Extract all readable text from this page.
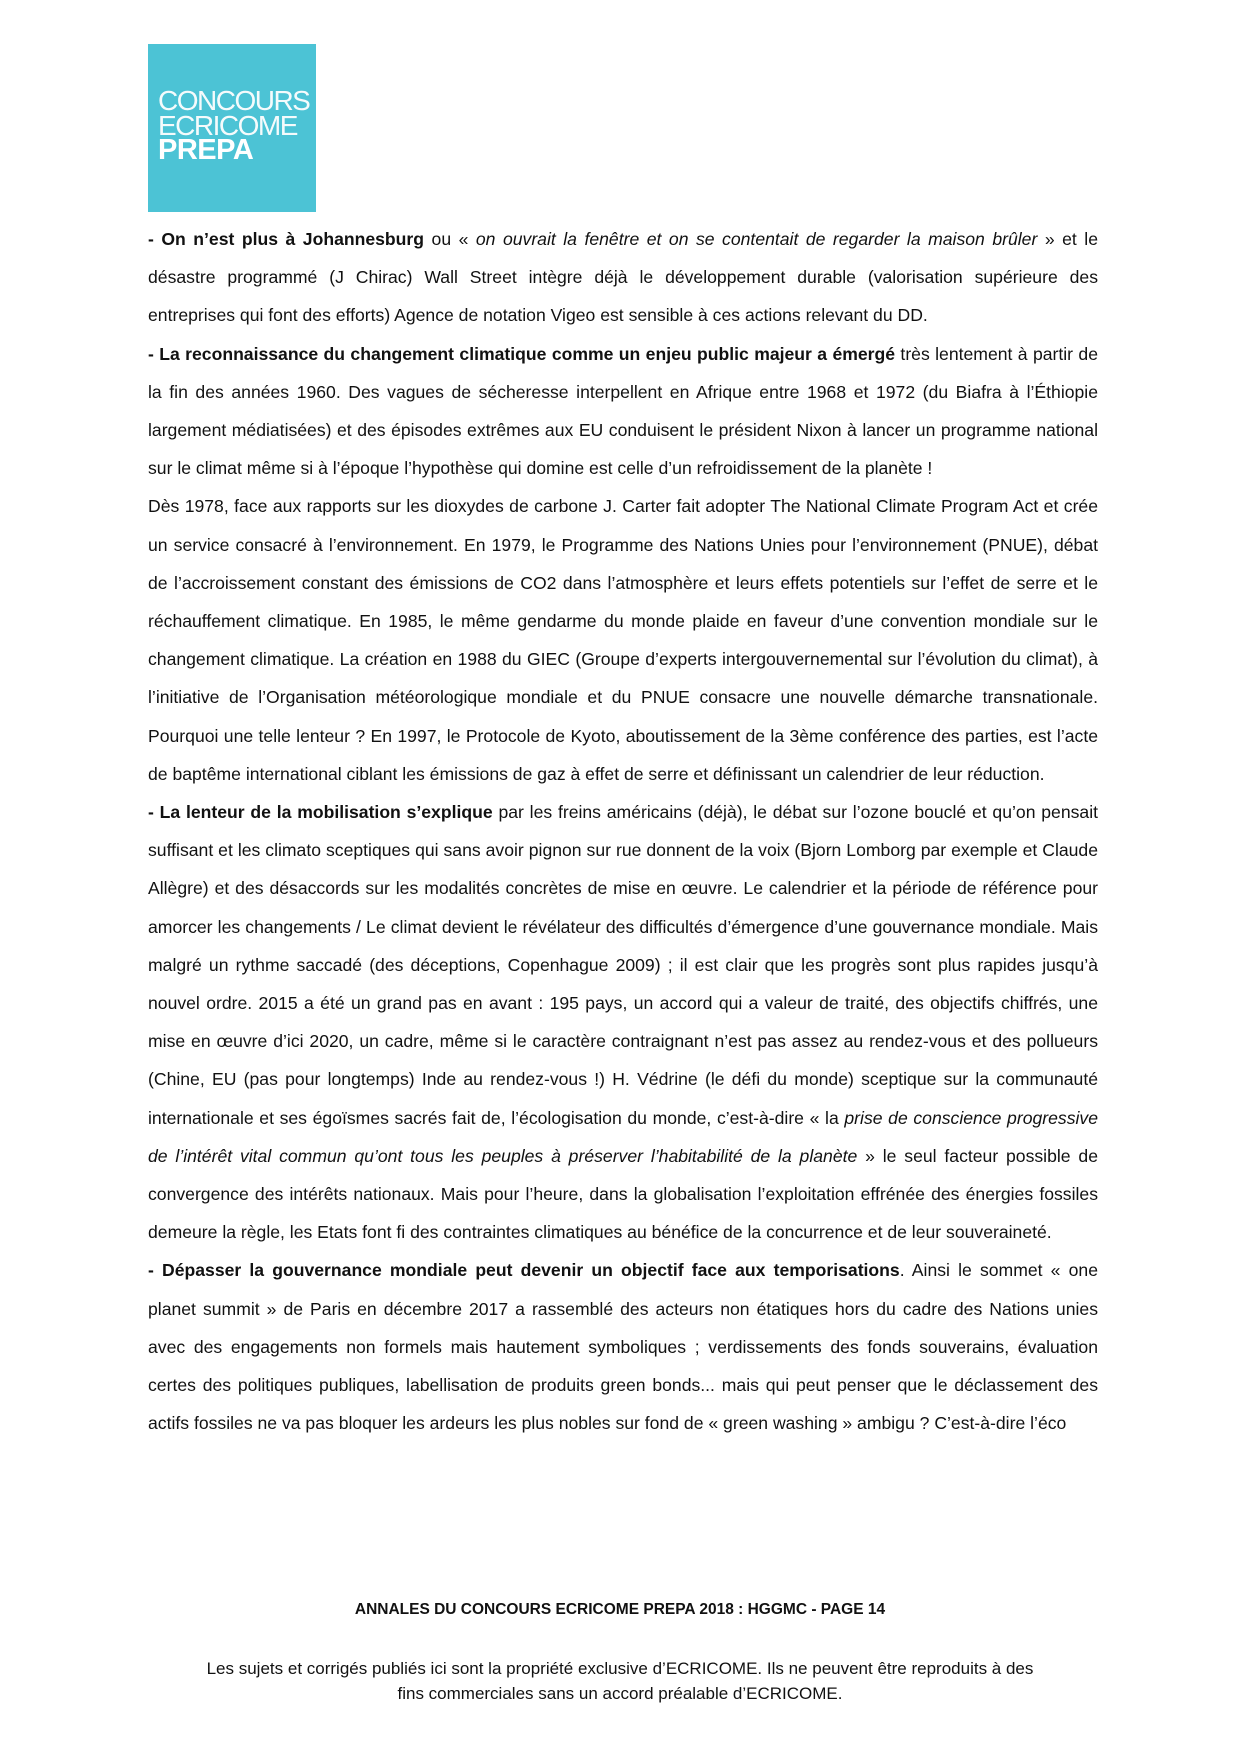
CONCOURS
ECRICOME
PREPA

- On n’est plus à Johannesburg ou « on ouvrait la fenêtre et on se contentait de regarder la maison brûler » et le désastre programmé (J Chirac) Wall Street intègre déjà le développement durable (valorisation supérieure des entreprises qui font des efforts) Agence de notation Vigeo est sensible à ces actions relevant du DD.

- La reconnaissance du changement climatique comme un enjeu public majeur a émergé très lentement à partir de la fin des années 1960. Des vagues de sécheresse interpellent en Afrique entre 1968 et 1972 (du Biafra à l’Éthiopie largement médiatisées) et des épisodes extrêmes aux EU conduisent le président Nixon à lancer un programme national sur le climat même si à l’époque l’hypothèse qui domine est celle d’un refroidissement de la planète !

Dès 1978, face aux rapports sur les dioxydes de carbone J. Carter fait adopter The National Climate Program Act et crée un service consacré à l’environnement. En 1979, le Programme des Nations Unies pour l’environnement (PNUE), débat de l’accroissement constant des émissions de CO2 dans l’atmosphère et leurs effets potentiels sur l’effet de serre et le réchauffement climatique. En 1985, le même gendarme du monde plaide en faveur d’une convention mondiale sur le changement climatique. La création en 1988 du GIEC (Groupe d’experts intergouvernemental sur l’évolution du climat), à l’initiative de l’Organisation météorologique mondiale et du PNUE consacre une nouvelle démarche transnationale. Pourquoi une telle lenteur ? En 1997, le Protocole de Kyoto, aboutissement de la 3ème conférence des parties, est l’acte de baptême international ciblant les émissions de gaz à effet de serre et définissant un calendrier de leur réduction.

- La lenteur de la mobilisation s’explique par les freins américains (déjà), le débat sur l’ozone bouclé et qu’on pensait suffisant et les climato sceptiques qui sans avoir pignon sur rue donnent de la voix (Bjorn Lomborg par exemple et Claude Allègre) et des désaccords sur les modalités concrètes de mise en œuvre. Le calendrier et la période de référence pour amorcer les changements / Le climat devient le révélateur des difficultés d’émergence d’une gouvernance mondiale. Mais malgré un rythme saccadé (des déceptions, Copenhague 2009) ; il est clair que les progrès sont plus rapides jusqu’à nouvel ordre. 2015 a été un grand pas en avant : 195 pays, un accord qui a valeur de traité, des objectifs chiffrés, une mise en œuvre d’ici 2020, un cadre, même si le caractère contraignant n’est pas assez au rendez-vous et des pollueurs (Chine, EU (pas pour longtemps) Inde au rendez-vous !) H. Védrine (le défi du monde) sceptique sur la communauté internationale et ses égoïsmes sacrés fait de, l’écologisation du monde, c’est-à-dire « la prise de conscience progressive de l’intérêt vital commun qu’ont tous les peuples à préserver l’habitabilité de la planète » le seul facteur possible de convergence des intérêts nationaux. Mais pour l’heure, dans la globalisation l’exploitation effrénée des énergies fossiles demeure la règle, les Etats font fi des contraintes climatiques au bénéfice de la concurrence et de leur souveraineté.

- Dépasser la gouvernance mondiale peut devenir un objectif face aux temporisations. Ainsi le sommet « one planet summit » de Paris en décembre 2017 a rassemblé des acteurs non étatiques hors du cadre des Nations unies avec des engagements non formels mais hautement symboliques ; verdissements des fonds souverains, évaluation certes des politiques publiques, labellisation de produits green bonds... mais qui peut penser que le déclassement des actifs fossiles ne va pas bloquer les ardeurs les plus nobles sur fond de « green washing » ambigu ? C’est-à-dire l’éco

ANNALES DU CONCOURS ECRICOME PREPA 2018 : HGGMC - PAGE 14
Les sujets et corrigés publiés ici sont la propriété exclusive d’ECRICOME. Ils ne peuvent être reproduits à des
fins commerciales sans un accord préalable d’ECRICOME.
